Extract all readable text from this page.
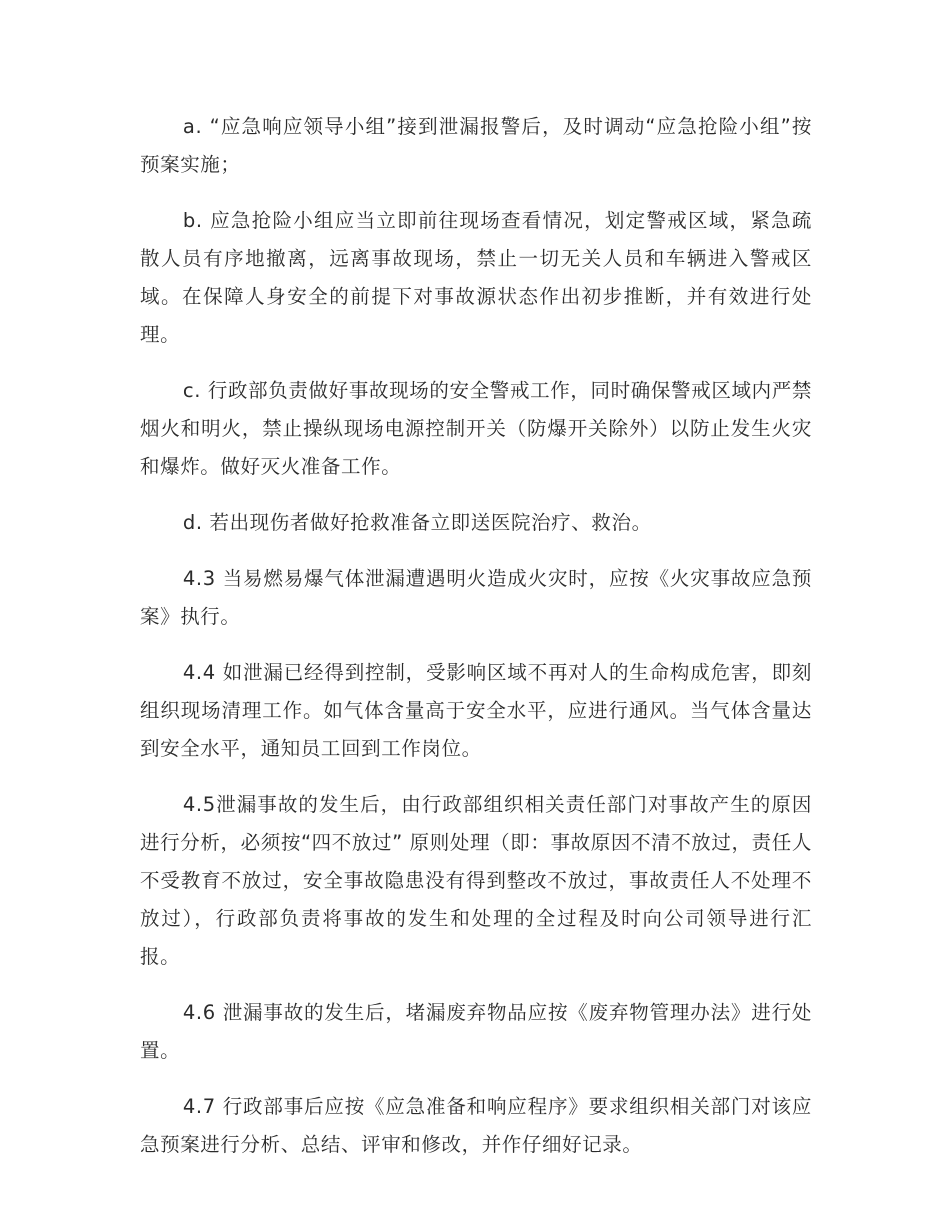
a. “应急响应领导小组”接到泄漏报警后，及时调动“应急抢险小组”按预案实施；

b. 应急抢险小组应当立即前往现场查看情况，划定警戒区域，紧急疏散人员有序地撤离，远离事故现场，禁止一切无关人员和车辆进入警戒区域。在保障人身安全的前提下对事故源状态作出初步推断，并有效进行处理。

c. 行政部负责做好事故现场的安全警戒工作，同时确保警戒区域内严禁烟火和明火，禁止操纵现场电源控制开关（防爆开关除外）以防止发生火灾和爆炸。做好灭火准备工作。

d. 若出现伤者做好抢救准备立即送医院治疗、救治。

4.3 当易燃易爆气体泄漏遭遇明火造成火灾时，应按《火灾事故应急预案》执行。

4.4 如泄漏已经得到控制，受影响区域不再对人的生命构成危害，即刻组织现场清理工作。如气体含量高于安全水平，应进行通风。当气体含量达到安全水平，通知员工回到工作岗位。

4.5泄漏事故的发生后，由行政部组织相关责任部门对事故产生的原因进行分析，必须按“四不放过” 原则处理（即：事故原因不清不放过，责任人不受教育不放过，安全事故隐患没有得到整改不放过，事故责任人不处理不放过），行政部负责将事故的发生和处理的全过程及时向公司领导进行汇报。

4.6 泄漏事故的发生后，堵漏废弃物品应按《废弃物管理办法》进行处置。

4.7 行政部事后应按《应急准备和响应程序》要求组织相关部门对该应急预案进行分析、总结、评审和修改，并作仔细好记录。
